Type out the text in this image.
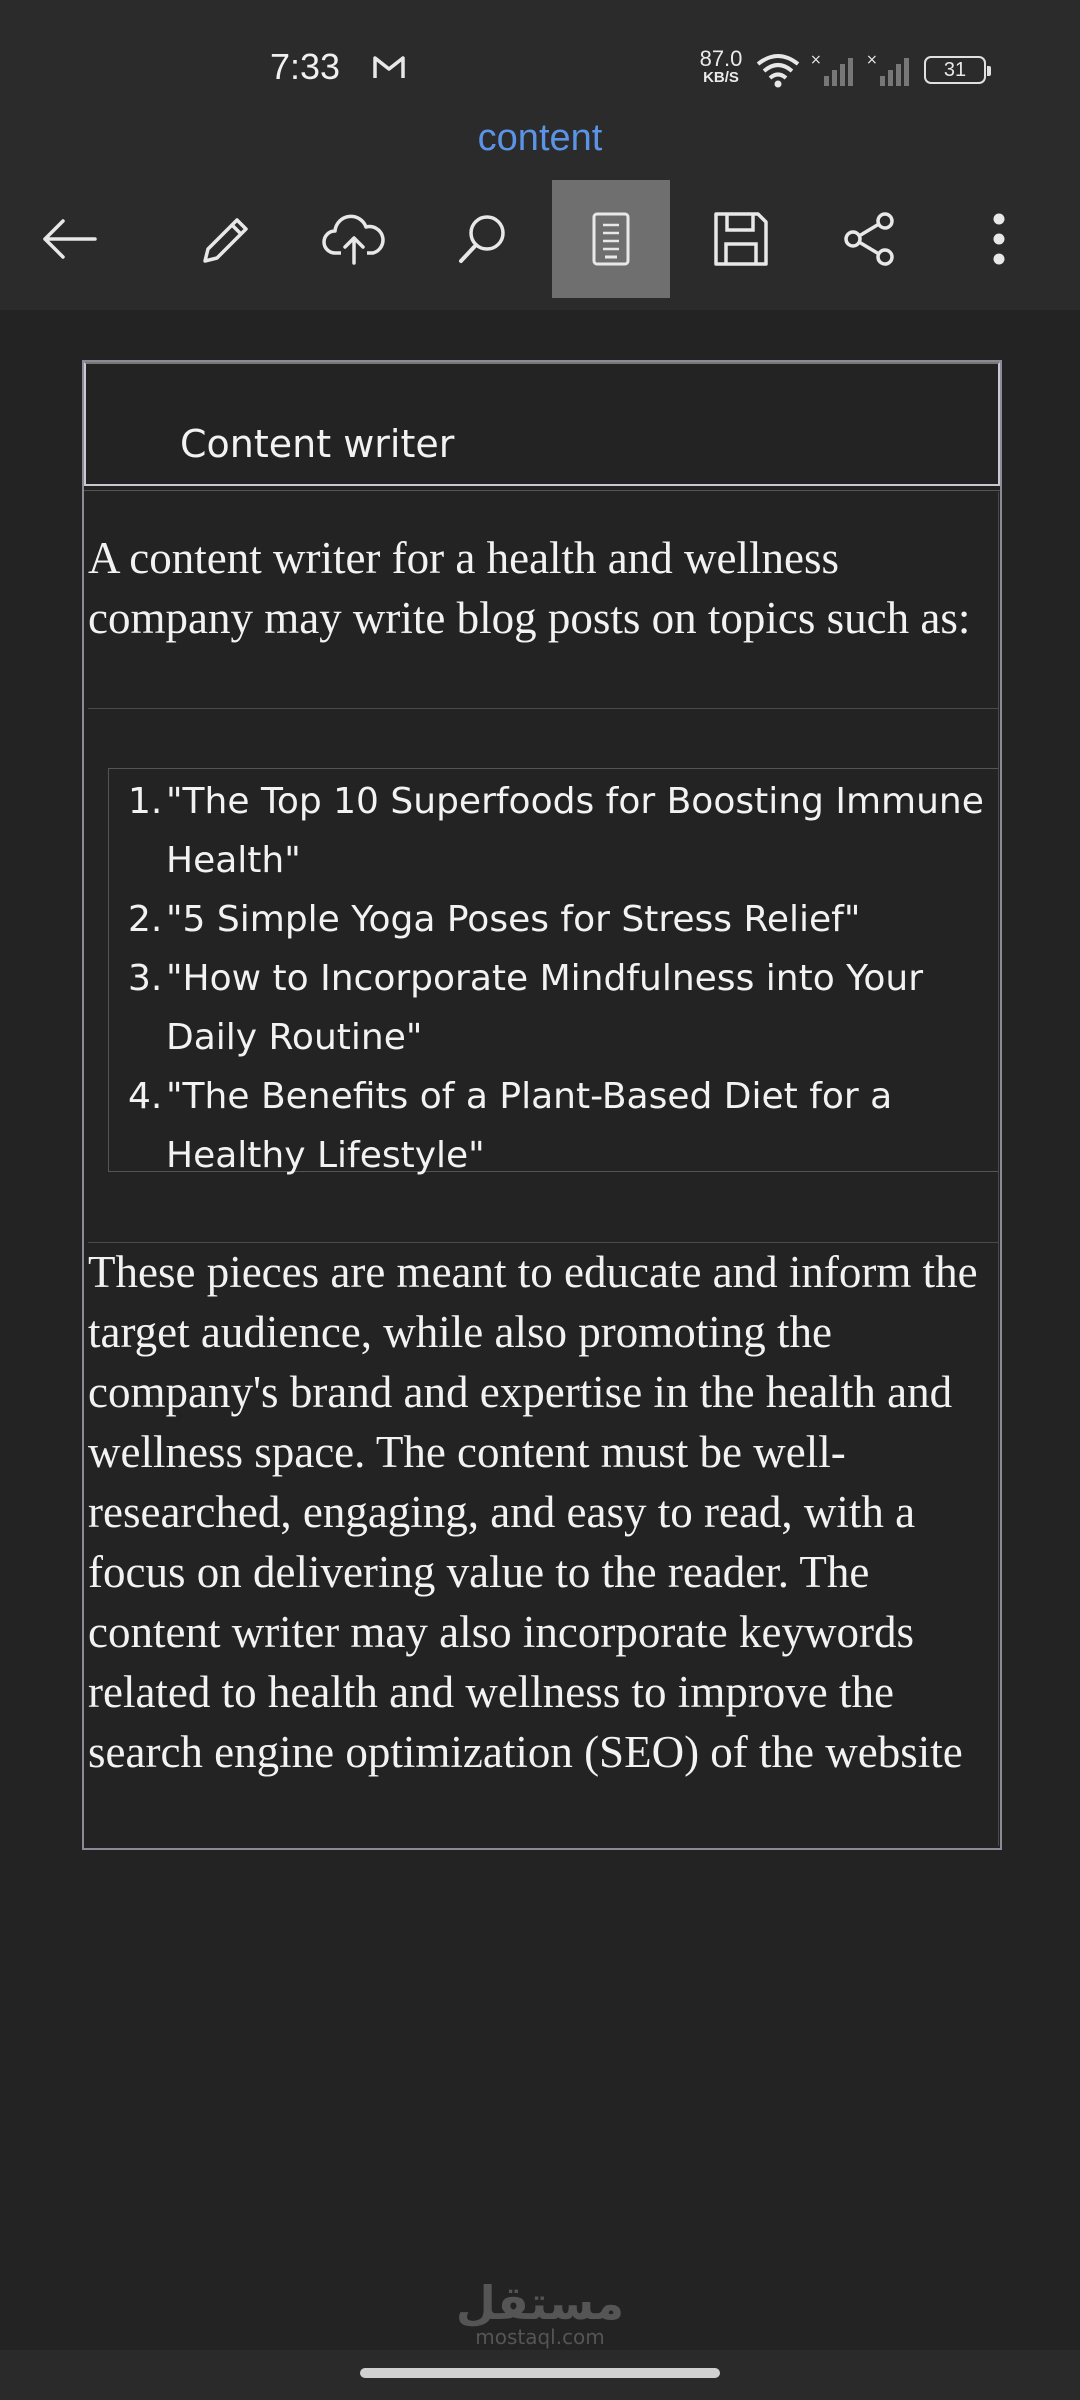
7:33	87.0
KB/S
×	×	31
content
Content writer
A content writer for a health and wellness company may write blog posts on topics such as:
1. "The Top 10 Superfoods for Boosting Immune Health"
2. "5 Simple Yoga Poses for Stress Relief"
3. "How to Incorporate Mindfulness into Your Daily Routine"
4. "The Benefits of a Plant-Based Diet for a Healthy Lifestyle"
These pieces are meant to educate and inform the target audience, while also promoting the company's brand and expertise in the health and wellness space. The content must be well-researched, engaging, and easy to read, with a focus on delivering value to the reader. The content writer may also incorporate keywords related to health and wellness to improve the search engine optimization (SEO) of the website
مستقل
mostaql.com
